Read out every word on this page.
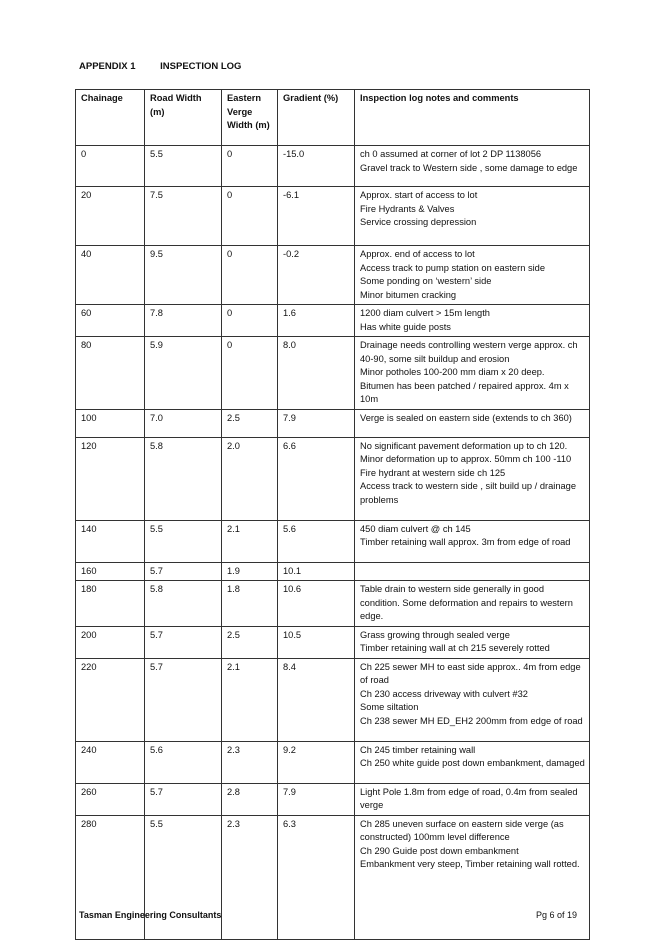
APPENDIX 1	INSPECTION LOG
Chainage	Road Width (m)	Eastern Verge Width (m)	Gradient (%)	Inspection log notes and comments
0	5.5	0	-15.0	ch 0 assumed at corner of lot 2 DP 1138056
Gravel track to Western side , some damage to edge

20	7.5	0	-6.1	Approx. start of access to lot
Fire Hydrants & Valves
Service crossing depression

40	9.5	0	-0.2	Approx. end of access to lot
Access track to pump station on eastern side
Some ponding on ‘western’ side
Minor bitumen cracking

60	7.8	0	1.6	1200 diam culvert > 15m length
Has white guide posts

80	5.9	0	8.0	Drainage needs controlling western verge approx. ch 40-90, some silt buildup and erosion
Minor potholes 100-200 mm diam x 20 deep.
Bitumen has been patched / repaired approx. 4m x 10m

100	7.0	2.5	7.9	Verge is sealed on eastern side (extends to ch 360)

120	5.8	2.0	6.6	No significant pavement deformation up to ch 120. Minor deformation up to approx. 50mm ch 100 -110
Fire hydrant at western side ch 125
Access track to western side , silt build up / drainage problems

140	5.5	2.1	5.6	450 diam culvert @ ch 145
Timber retaining wall approx. 3m from edge of road

160	5.7	1.9	10.1	
180	5.8	1.8	10.6	Table drain to western side generally in good condition. Some deformation and repairs to western edge.

200	5.7	2.5	10.5	Grass growing through sealed verge
Timber retaining wall at ch 215 severely rotted

220	5.7	2.1	8.4	Ch 225 sewer MH to east side approx.. 4m from edge of road
Ch 230 access driveway with culvert #32
Some siltation
Ch 238 sewer MH ED_EH2 200mm from edge of road

240	5.6	2.3	9.2	Ch 245 timber retaining wall
Ch 250 white guide post down embankment, damaged

260	5.7	2.8	7.9	Light Pole 1.8m from edge of road, 0.4m from sealed verge

280	5.5	2.3	6.3	Ch 285 uneven surface on eastern side verge (as constructed) 100mm level difference
Ch 290 Guide post down embankment
Embankment very steep, Timber retaining wall rotted.
Tasman Engineering Consultants	Pg 6 of 19
